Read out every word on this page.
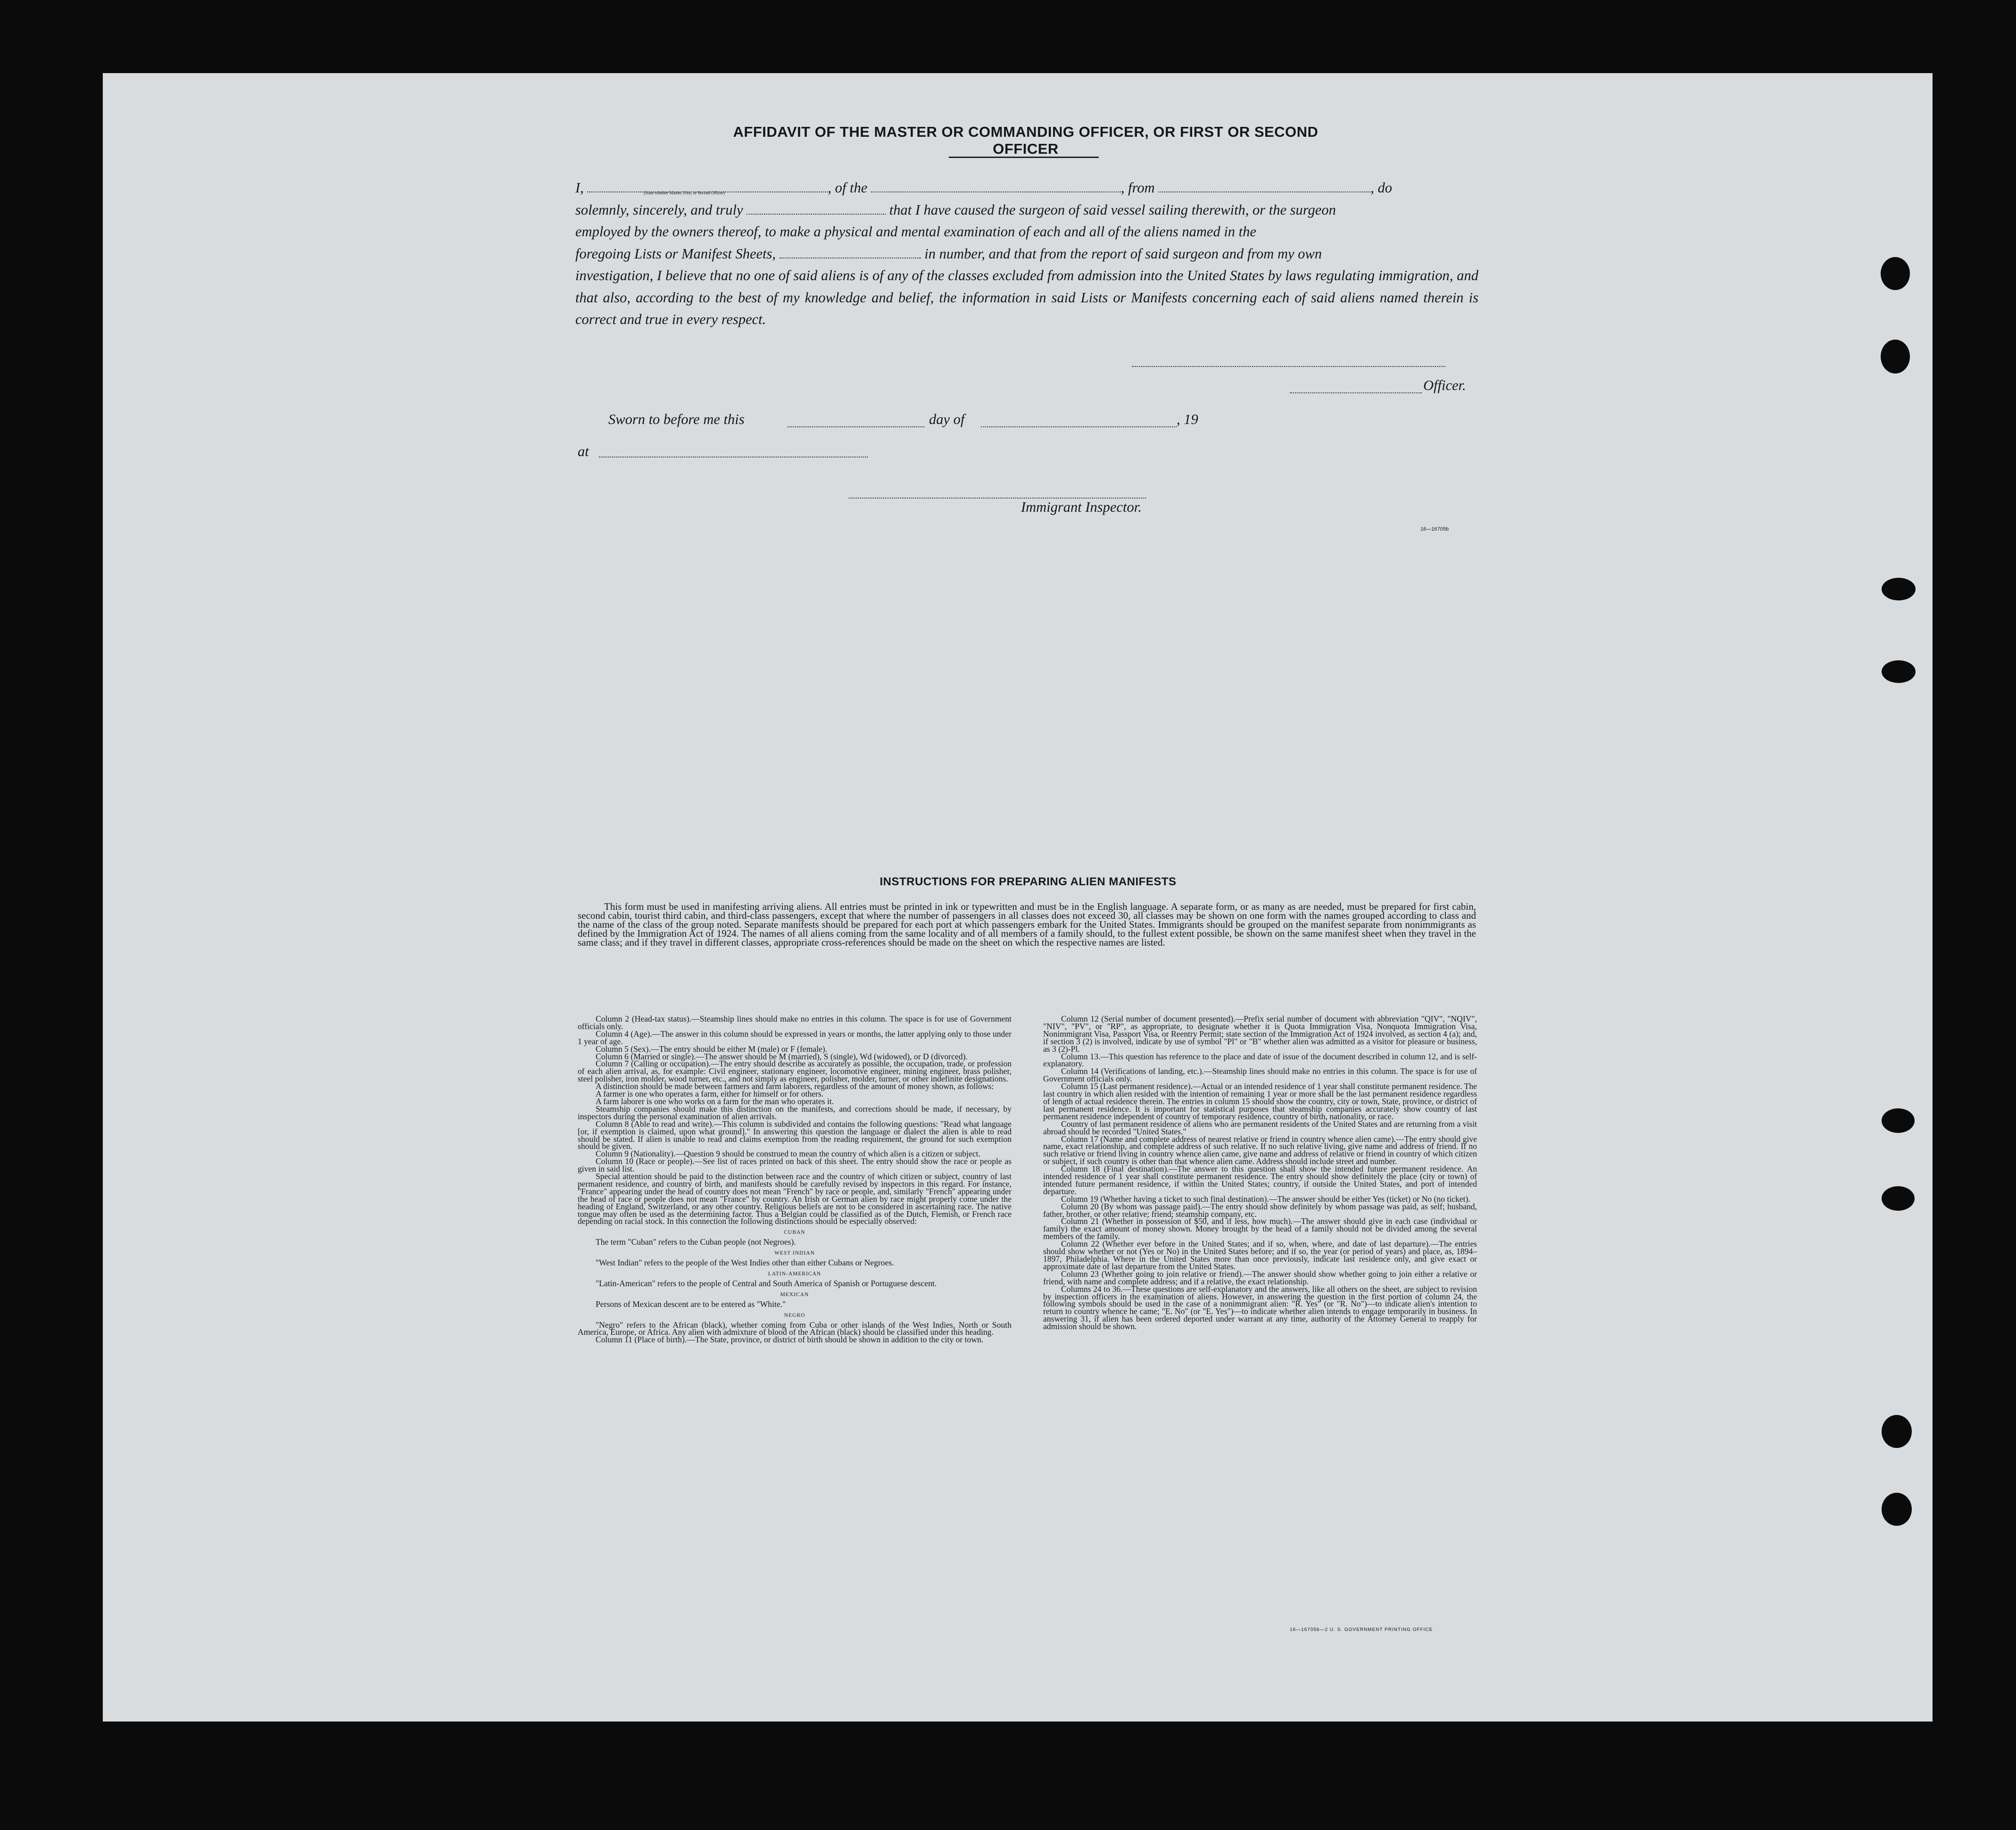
AFFIDAVIT OF THE MASTER OR COMMANDING OFFICER, OR FIRST OR SECOND OFFICER
I,	, of the	, from	, do
(State whether Master, First, or Second Officer)
solemnly, sincerely, and truly	that I have caused the surgeon of said vessel sailing therewith, or the surgeon
employed by the owners thereof, to make a physical and mental examination of each and all of the aliens named in the
foregoing Lists or Manifest Sheets,	in number, and that from the report of said surgeon and from my own
investigation, I believe that no one of said aliens is of any of the classes excluded from admission into the United States by laws regulating immigration, and that also, according to the best of my knowledge and belief, the information in said Lists or Manifests concerning each of said aliens named therein is correct and true in every respect.
Officer.
Sworn to before me this	day of	, 19
at
Immigrant Inspector.
16—16705b
INSTRUCTIONS FOR PREPARING ALIEN MANIFESTS
This form must be used in manifesting arriving aliens. All entries must be printed in ink or typewritten and must be in the English language. A separate form, or as many as are needed, must be prepared for first cabin, second cabin, tourist third cabin, and third-class passengers, except that where the number of passengers in all classes does not exceed 30, all classes may be shown on one form with the names grouped according to class and the name of the class of the group noted. Separate manifests should be prepared for each port at which passengers embark for the United States. Immigrants should be grouped on the manifest separate from nonimmigrants as defined by the Immigration Act of 1924. The names of all aliens coming from the same locality and of all members of a family should, to the fullest extent possible, be shown on the same manifest sheet when they travel in the same class; and if they travel in different classes, appropriate cross-references should be made on the sheet on which the respective names are listed.

Column 2 (Head-tax status).—Steamship lines should make no entries in this column. The space is for use of Government officials only.

Column 4 (Age).—The answer in this column should be expressed in years or months, the latter applying only to those under 1 year of age.

Column 5 (Sex).—The entry should be either M (male) or F (female).

Column 6 (Married or single).—The answer should be M (married), S (single), Wd (widowed), or D (divorced).

Column 7 (Calling or occupation).—The entry should describe as accurately as possible, the occupation, trade, or profession of each alien arrival, as, for example: Civil engineer, stationary engineer, locomotive engineer, mining engineer, brass polisher, steel polisher, iron molder, wood turner, etc., and not simply as engineer, polisher, molder, turner, or other indefinite designations.

A distinction should be made between farmers and farm laborers, regardless of the amount of money shown, as follows:

A farmer is one who operates a farm, either for himself or for others.

A farm laborer is one who works on a farm for the man who operates it.

Steamship companies should make this distinction on the manifests, and corrections should be made, if necessary, by inspectors during the personal examination of alien arrivals.

Column 8 (Able to read and write).—This column is subdivided and contains the following questions: "Read what language [or, if exemption is claimed, upon what ground]." In answering this question the language or dialect the alien is able to read should be stated. If alien is unable to read and claims exemption from the reading requirement, the ground for such exemption should be given.

Column 9 (Nationality).—Question 9 should be construed to mean the country of which alien is a citizen or subject.

Column 10 (Race or people).—See list of races printed on back of this sheet. The entry should show the race or people as given in said list.

Special attention should be paid to the distinction between race and the country of which citizen or subject, country of last permanent residence, and country of birth, and manifests should be carefully revised by inspectors in this regard. For instance, "France" appearing under the head of country does not mean "French" by race or people, and, similarly "French" appearing under the head of race or people does not mean "France" by country. An Irish or German alien by race might properly come under the heading of England, Switzerland, or any other country. Religious beliefs are not to be considered in ascertaining race. The native tongue may often be used as the determining factor. Thus a Belgian could be classified as of the Dutch, Flemish, or French race depending on racial stock. In this connection the following distinctions should be especially observed:

CUBAN

The term "Cuban" refers to the Cuban people (not Negroes).

WEST INDIAN

"West Indian" refers to the people of the West Indies other than either Cubans or Negroes.

LATIN-AMERICAN

"Latin-American" refers to the people of Central and South America of Spanish or Portuguese descent.

MEXICAN

Persons of Mexican descent are to be entered as "White."

NEGRO

"Negro" refers to the African (black), whether coming from Cuba or other islands of the West Indies, North or South America, Europe, or Africa. Any alien with admixture of blood of the African (black) should be classified under this heading.

Column 11 (Place of birth).—The State, province, or district of birth should be shown in addition to the city or town.

Column 12 (Serial number of document presented).—Prefix serial number of document with abbreviation "QIV", "NQIV", "NIV", "PV", or "RP", as appropriate, to designate whether it is Quota Immigration Visa, Nonquota Immigration Visa, Nonimmigrant Visa, Passport Visa, or Reentry Permit; state section of the Immigration Act of 1924 involved, as section 4 (a); and, if section 3 (2) is involved, indicate by use of symbol "Pl" or "B" whether alien was admitted as a visitor for pleasure or business, as 3 (2)-Pl.

Column 13.—This question has reference to the place and date of issue of the document described in column 12, and is self-explanatory.

Column 14 (Verifications of landing, etc.).—Steamship lines should make no entries in this column. The space is for use of Government officials only.

Column 15 (Last permanent residence).—Actual or an intended residence of 1 year shall constitute permanent residence. The last country in which alien resided with the intention of remaining 1 year or more shall be the last permanent residence regardless of length of actual residence therein. The entries in column 15 should show the country, city or town, State, province, or district of last permanent residence. It is important for statistical purposes that steamship companies accurately show country of last permanent residence independent of country of temporary residence, country of birth, nationality, or race.

Country of last permanent residence of aliens who are permanent residents of the United States and are returning from a visit abroad should be recorded "United States."

Column 17 (Name and complete address of nearest relative or friend in country whence alien came).—The entry should give name, exact relationship, and complete address of such relative. If no such relative living, give name and address of friend. If no such relative or friend living in country whence alien came, give name and address of relative or friend in country of which citizen or subject, if such country is other than that whence alien came. Address should include street and number.

Column 18 (Final destination).—The answer to this question shall show the intended future permanent residence. An intended residence of 1 year shall constitute permanent residence. The entry should show definitely the place (city or town) of intended future permanent residence, if within the United States; country, if outside the United States, and port of intended departure.

Column 19 (Whether having a ticket to such final destination).—The answer should be either Yes (ticket) or No (no ticket).

Column 20 (By whom was passage paid).—The entry should show definitely by whom passage was paid, as self; husband, father, brother, or other relative; friend; steamship company, etc.

Column 21 (Whether in possession of $50, and if less, how much).—The answer should give in each case (individual or family) the exact amount of money shown. Money brought by the head of a family should not be divided among the several members of the family.

Column 22 (Whether ever before in the United States; and if so, when, where, and date of last departure).—The entries should show whether or not (Yes or No) in the United States before; and if so, the year (or period of years) and place, as, 1894–1897, Philadelphia. Where in the United States more than once previously, indicate last residence only, and give exact or approximate date of last departure from the United States.

Column 23 (Whether going to join relative or friend).—The answer should show whether going to join either a relative or friend, with name and complete address; and if a relative, the exact relationship.

Columns 24 to 36.—These questions are self-explanatory and the answers, like all others on the sheet, are subject to revision by inspection officers in the examination of aliens. However, in answering the question in the first portion of column 24, the following symbols should be used in the case of a nonimmigrant alien: "R. Yes" (or "R. No")—to indicate alien's intention to return to country whence he came; "E. No" (or "E. Yes")—to indicate whether alien intends to engage temporarily in business. In answering 31, if alien has been ordered deported under warrant at any time, authority of the Attorney General to reapply for admission should be shown.

16—16705b—2 U. S. GOVERNMENT PRINTING OFFICE
